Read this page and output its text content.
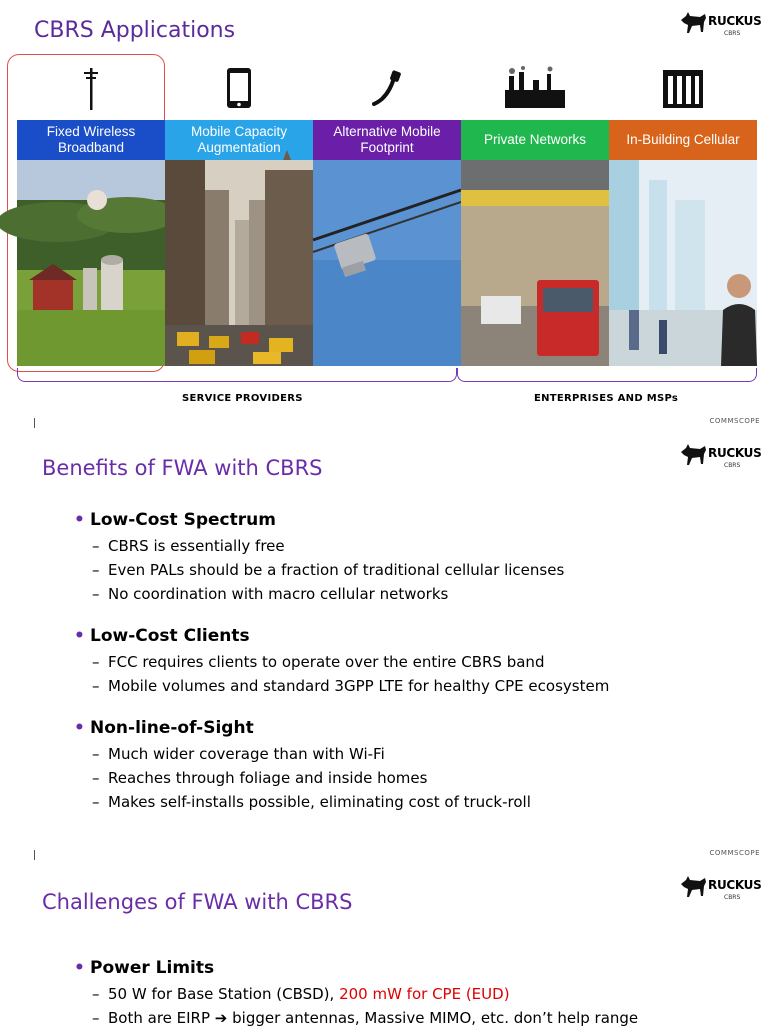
CBRS Applications	RUCKUS
CBRS
Fixed Wireless Broadband
Mobile Capacity Augmentation
Alternative Mobile Footprint
Private Networks	In-Building Cellular
SERVICE PROVIDERS	ENTERPRISES AND MSPs
COMMSCOPE
Benefits of FWA with CBRS
RUCKUS
CBRS
• Low-Cost Spectrum
– CBRS is essentially free
– Even PALs should be a fraction of traditional cellular licenses
– No coordination with macro cellular networks
• Low-Cost Clients
– FCC requires clients to operate over the entire CBRS band
– Mobile volumes and standard 3GPP LTE for healthy CPE ecosystem
• Non-line-of-Sight
– Much wider coverage than with Wi-Fi
– Reaches through foliage and inside homes
– Makes self-installs possible, eliminating cost of truck-roll
COMMSCOPE
Challenges of FWA with CBRS
RUCKUS
CBRS
• Power Limits
– 50 W for Base Station (CBSD), 200 mW for CPE (EUD)
– Both are EIRP ➔ bigger antennas, Massive MIMO, etc. don’t help range
